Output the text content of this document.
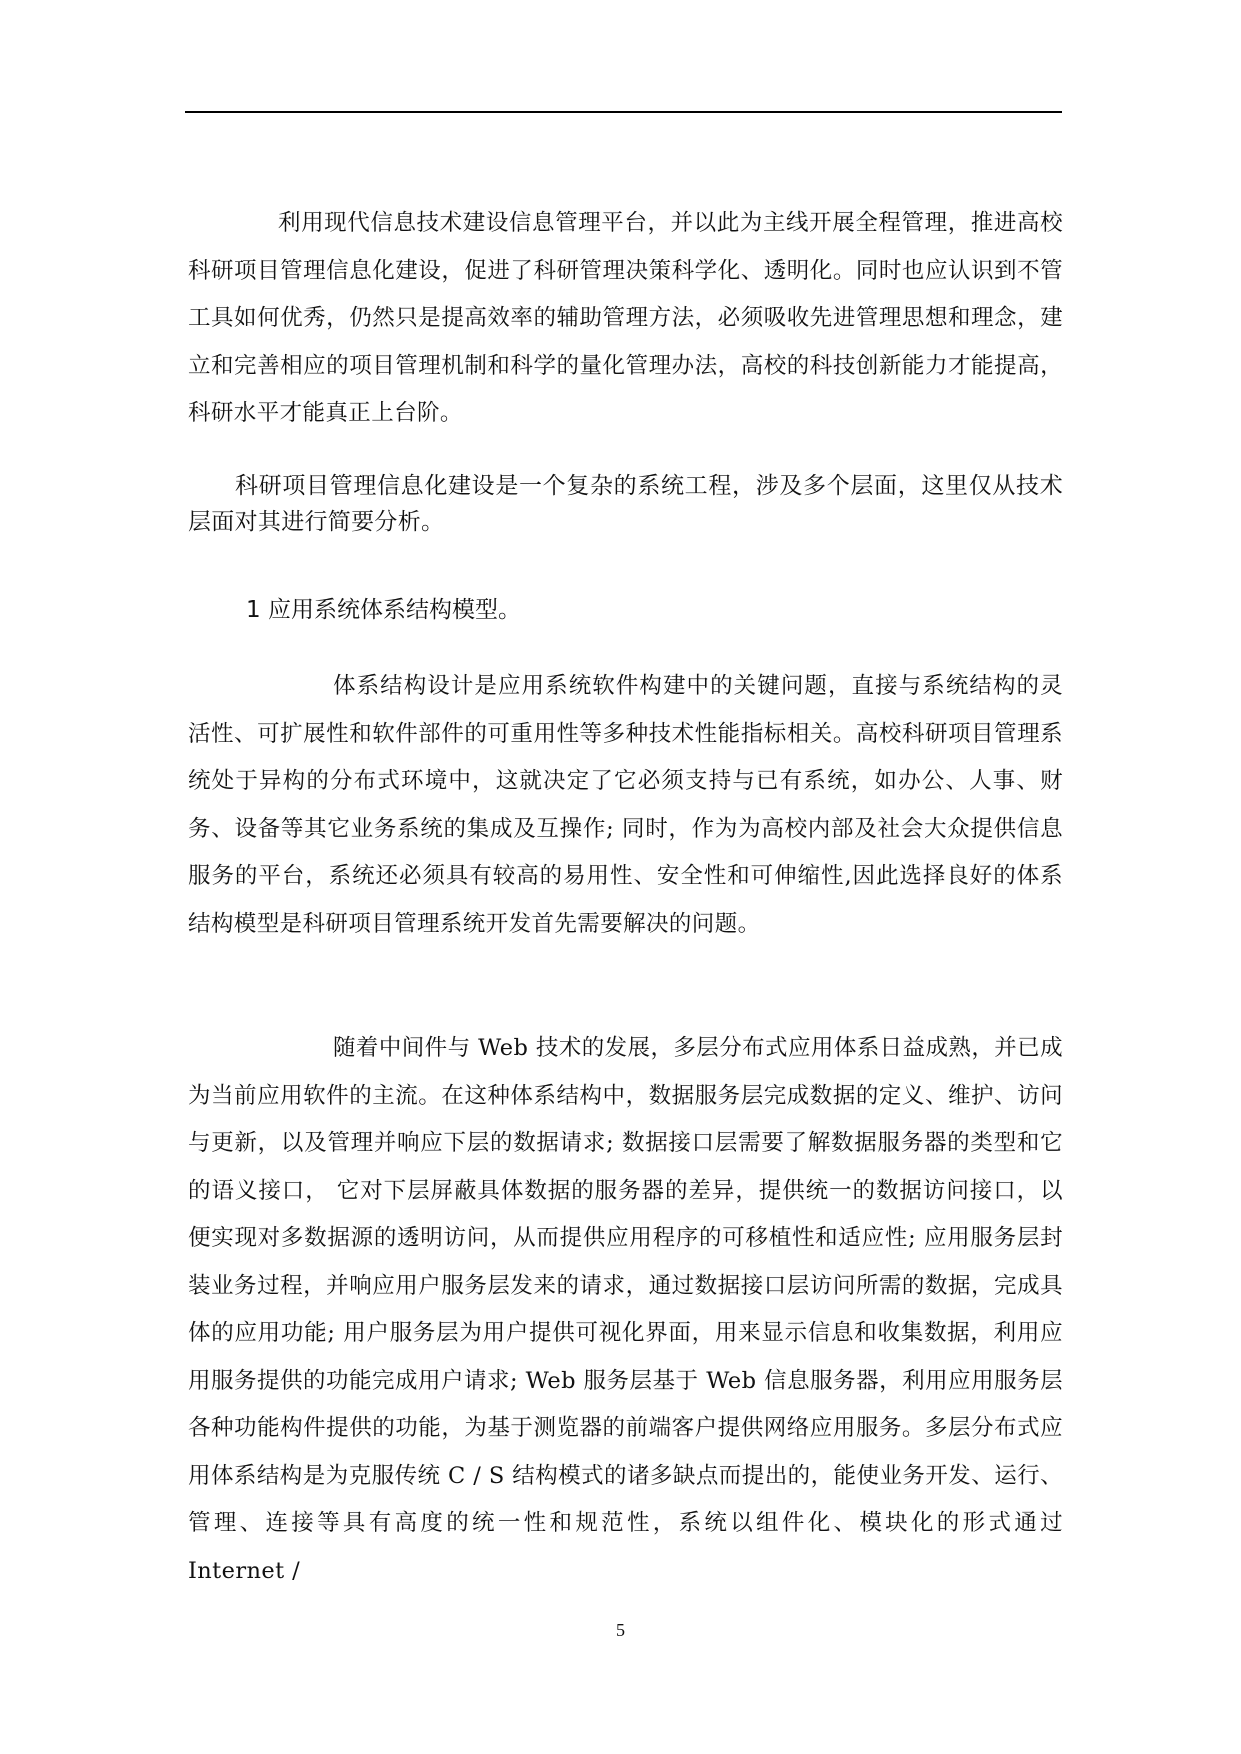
利用现代信息技术建设信息管理平台，并以此为主线开展全程管理，推进高校科研项目管理信息化建设，促进了科研管理决策科学化、透明化。同时也应认识到不管工具如何优秀，仍然只是提高效率的辅助管理方法，必须吸收先进管理思想和理念，建立和完善相应的项目管理机制和科学的量化管理办法，高校的科技创新能力才能提高，科研水平才能真正上台阶。

科研项目管理信息化建设是一个复杂的系统工程，涉及多个层面，这里仅从技术层面对其进行简要分析。

1 应用系统体系结构模型。

体系结构设计是应用系统软件构建中的关键问题，直接与系统结构的灵活性、可扩展性和软件部件的可重用性等多种技术性能指标相关。高校科研项目管理系统处于异构的分布式环境中，这就决定了它必须支持与已有系统，如办公、人事、财务、设备等其它业务系统的集成及互操作; 同时，作为为高校内部及社会大众提供信息服务的平台，系统还必须具有较高的易用性、安全性和可伸缩性,因此选择良好的体系结构模型是科研项目管理系统开发首先需要解决的问题。

随着中间件与 Web 技术的发展，多层分布式应用体系日益成熟，并已成为当前应用软件的主流。在这种体系结构中，数据服务层完成数据的定义、维护、访问与更新，以及管理并响应下层的数据请求; 数据接口层需要了解数据服务器的类型和它的语义接口， 它对下层屏蔽具体数据的服务器的差异，提供统一的数据访问接口，以便实现对多数据源的透明访问，从而提供应用程序的可移植性和适应性; 应用服务层封装业务过程，并响应用户服务层发来的请求，通过数据接口层访问所需的数据，完成具体的应用功能; 用户服务层为用户提供可视化界面，用来显示信息和收集数据，利用应用服务提供的功能完成用户请求; Web 服务层基于 Web 信息服务器，利用应用服务层各种功能构件提供的功能，为基于测览器的前端客户提供网络应用服务。多层分布式应用体系结构是为克服传统 C / S 结构模式的诸多缺点而提出的，能使业务开发、运行、管理、连接等具有高度的统一性和规范性，系统以组件化、模块化的形式通过 Internet /

5
